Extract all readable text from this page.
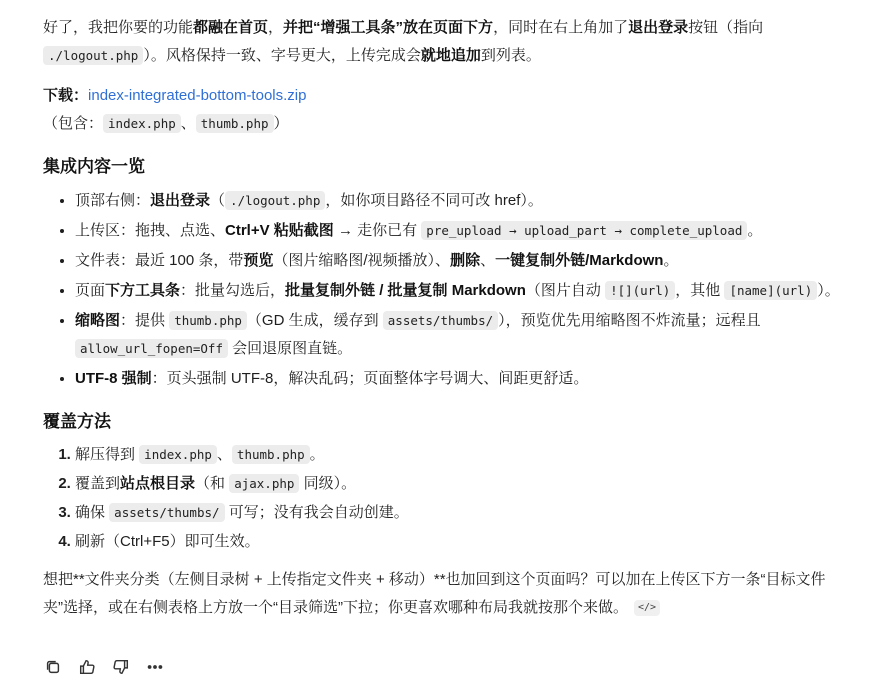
好了，我把你要的功能都融在首页，并把“增强工具条”放在页面下方，同时在右上角加了退出登录按钮（指向 ./logout.php ）。风格保持一致、字号更大，上传完成会就地追加到列表。

下载：index-integrated-bottom-tools.zip

（包含： index.php 、 thumb.php ）

集成内容一览
• 顶部右侧：退出登录（ ./logout.php ，如你项目路径不同可改 href）。
• 上传区：拖拽、点选、Ctrl+V 粘贴截图 → 走你已有 pre_upload → upload_part → complete_upload 。
• 文件表：最近 100 条，带预览（图片缩略图/视频播放）、删除、一键复制外链/Markdown。
• 页面下方工具条：批量勾选后，批量复制外链 / 批量复制 Markdown（图片自动 ![](url) ，其他 [name](url) ）。
• 缩略图：提供 thumb.php （GD 生成，缓存到 assets/thumbs/ ），预览优先用缩略图不炸流量；远程且 allow_url_fopen=Off 会回退原图直链。
• UTF-8 强制：页头强制 UTF-8，解决乱码；页面整体字号调大、间距更舒适。
覆盖方法
1. 解压得到 index.php 、 thumb.php 。
2. 覆盖到站点根目录（和 ajax.php 同级）。
3. 确保 assets/thumbs/ 可写；没有我会自动创建。
4. 刷新（Ctrl+F5）即可生效。

想把**文件夹分类（左侧目录树 + 上传指定文件夹 + 移动）**也加回到这个页面吗？可以加在上传区下方一条“目标文件夹”选择，或在右侧表格上方放一个“目录筛选”下拉；你更喜欢哪种布局我就按那个来做。 </>
